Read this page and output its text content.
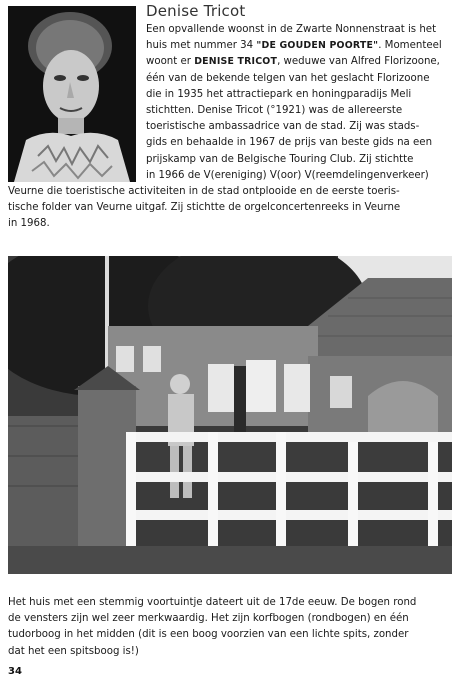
Denise Tricot
Een opvallende woonst in de Zwarte Nonnenstraat is het
huis met nummer 34 "DE GOUDEN POORTE". Momenteel
woont er DENISE TRICOT, weduwe van Alfred Florizoone,
één van de bekende telgen van het geslacht Florizoone
die in 1935 het attractiepark en honingparadijs Meli
stichtten. Denise Tricot (°1921) was de allereerste
toeristische ambassadrice van de stad. Zij was stads-
gids en behaalde in 1967 de prijs van beste gids na een
prijskamp van de Belgische Touring Club. Zij stichtte
in 1966 de V(ereniging) V(oor) V(reemdelingenverkeer)
Veurne die toeristische activiteiten in de stad ontplooide en de eerste toeris-
tische folder van Veurne uitgaf. Zij stichtte de orgelconcertenreeks in Veurne
in 1968.
Het huis met een stemmig voortuintje dateert uit de 17de eeuw. De bogen rond
de vensters zijn wel zeer merkwaardig. Het zijn korfbogen (rondbogen) en één
tudorboog in het midden (dit is een boog voorzien van een lichte spits, zonder
dat het een spitsboog is!)
34
